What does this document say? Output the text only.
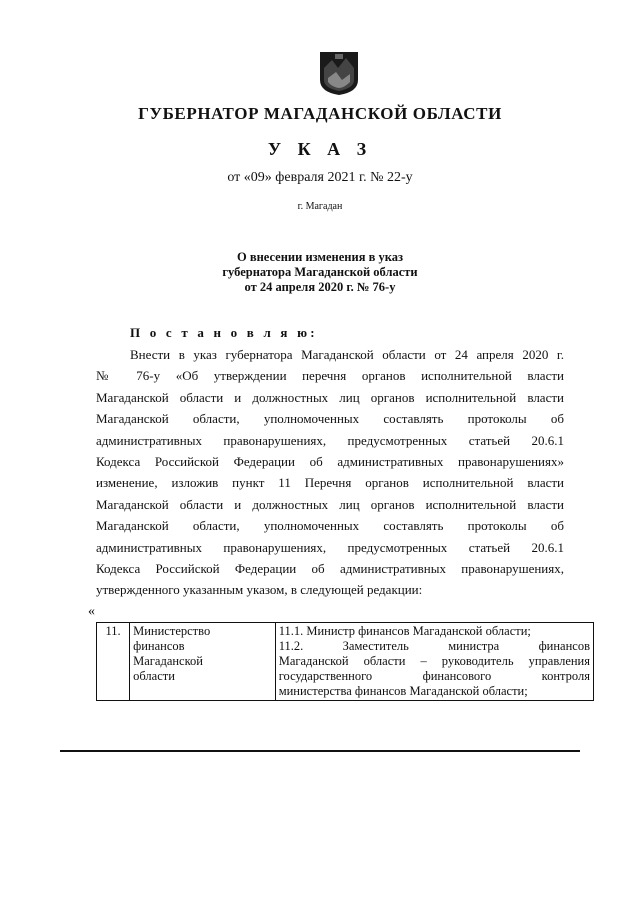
ГУБЕРНАТОР МАГАДАНСКОЙ ОБЛАСТИ
У К А З
от «09» февраля 2021 г. № 22-у
г. Магадан
О внесении изменения в указ
губернатора Магаданской области
от 24 апреля 2020 г. № 76-у
П о с т а н о в л я ю:
Внести в указ губернатора Магаданской области от 24 апреля 2020 г.
№ 76-у «Об утверждении перечня органов исполнительной власти
Магаданской области и должностных лиц органов исполнительной власти
Магаданской области, уполномоченных составлять протоколы об
административных правонарушениях, предусмотренных статьей 20.6.1
Кодекса Российской Федерации об административных правонарушениях»
изменение, изложив пункт 11 Перечня органов исполнительной власти
Магаданской области и должностных лиц органов исполнительной власти
Магаданской области, уполномоченных составлять протоколы об
административных правонарушениях, предусмотренных статьей 20.6.1
Кодекса Российской Федерации об административных правонарушениях,
утвержденного указанным указом, в следующей редакции:
«
11.	Министерство
финансов
Магаданской
области

11.1. Министр финансов Магаданской области;
11.2. Заместитель министра финансов
Магаданской области – руководитель управления
государственного финансового контроля
министерства финансов Магаданской области;
